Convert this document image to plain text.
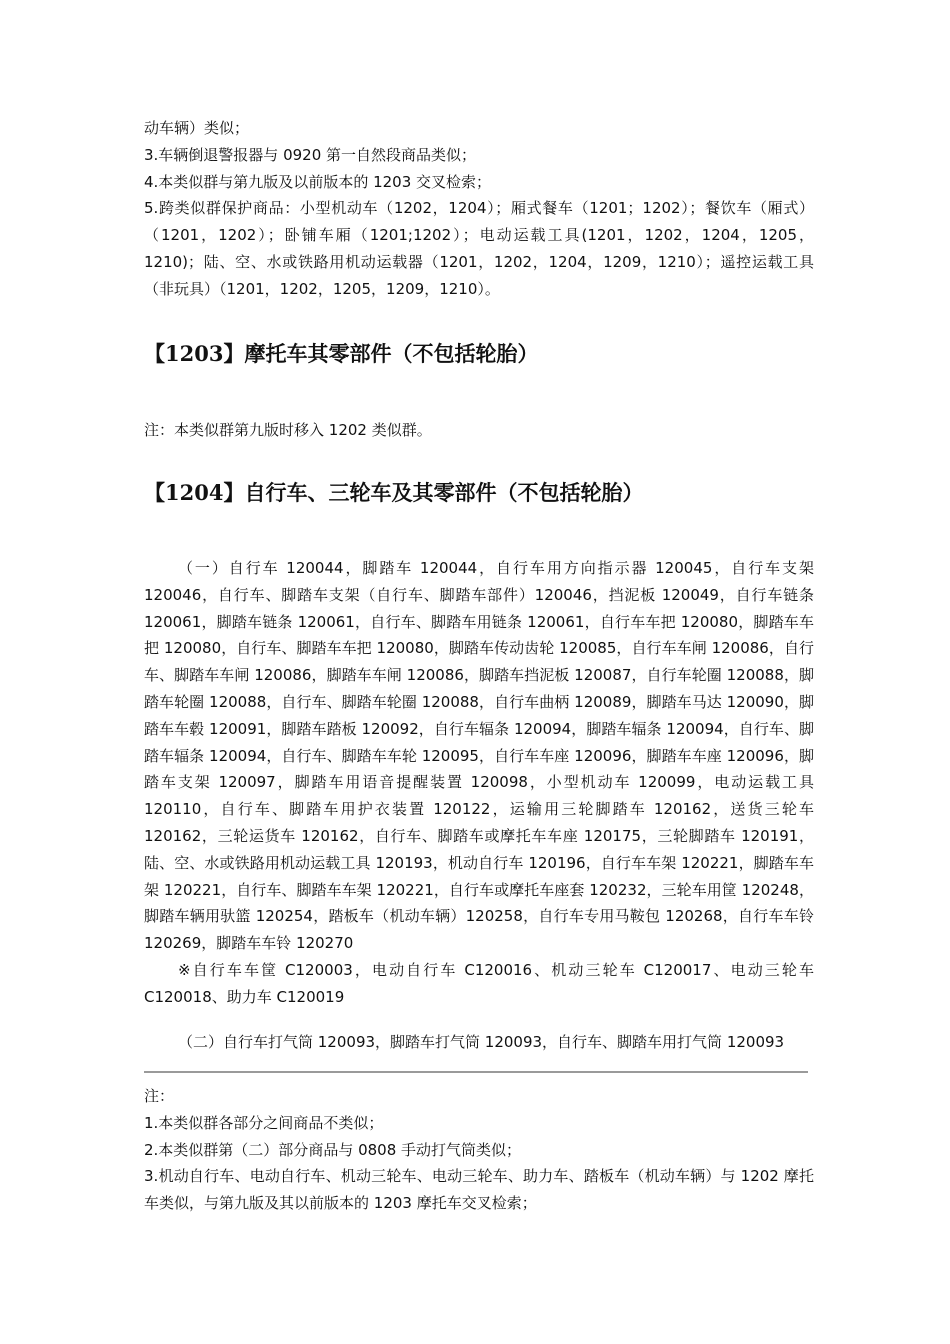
动车辆）类似；

3.车辆倒退警报器与 0920 第一自然段商品类似；

4.本类似群与第九版及以前版本的 1203 交叉检索；

5.跨类似群保护商品：小型机动车（1202，1204）；厢式餐车（1201；1202）；餐饮车（厢式）（1201，1202）；卧铺车厢（1201;1202）；电动运载工具(1201，1202，1204，1205，1210)；陆、空、水或铁路用机动运载器（1201，1202，1204，1209，1210）；遥控运载工具（非玩具）（1201，1202，1205，1209，1210）。

【1203】摩托车其零部件（不包括轮胎）

注：本类似群第九版时移入 1202 类似群。

【1204】自行车、三轮车及其零部件（不包括轮胎）

（一）自行车 120044，脚踏车 120044，自行车用方向指示器 120045，自行车支架 120046，自行车、脚踏车支架（自行车、脚踏车部件）120046，挡泥板 120049，自行车链条 120061，脚踏车链条 120061，自行车、脚踏车用链条 120061，自行车车把 120080，脚踏车车把 120080，自行车、脚踏车车把 120080，脚踏车传动齿轮 120085，自行车车闸 120086，自行车、脚踏车车闸 120086，脚踏车车闸 120086，脚踏车挡泥板 120087，自行车轮圈 120088，脚踏车轮圈 120088，自行车、脚踏车轮圈 120088，自行车曲柄 120089，脚踏车马达 120090，脚踏车车毂 120091，脚踏车踏板 120092，自行车辐条 120094，脚踏车辐条 120094，自行车、脚踏车辐条 120094，自行车、脚踏车车轮 120095，自行车车座 120096，脚踏车车座 120096，脚踏车支架 120097，脚踏车用语音提醒装置 120098，小型机动车 120099，电动运载工具 120110，自行车、脚踏车用护衣装置 120122，运输用三轮脚踏车 120162，送货三轮车 120162，三轮运货车 120162，自行车、脚踏车或摩托车车座 120175，三轮脚踏车 120191，陆、空、水或铁路用机动运载工具 120193，机动自行车 120196，自行车车架 120221，脚踏车车架 120221，自行车、脚踏车车架 120221，自行车或摩托车座套 120232，三轮车用筐 120248，脚踏车辆用驮篮 120254，踏板车（机动车辆）120258，自行车专用马鞍包 120268，自行车车铃 120269，脚踏车车铃 120270

※自行车车筐 C120003，电动自行车 C120016、机动三轮车 C120017、电动三轮车 C120018、助力车 C120019

（二）自行车打气筒 120093，脚踏车打气筒 120093，自行车、脚踏车用打气筒 120093

注：

1.本类似群各部分之间商品不类似；

2.本类似群第（二）部分商品与 0808 手动打气筒类似；

3.机动自行车、电动自行车、机动三轮车、电动三轮车、助力车、踏板车（机动车辆）与 1202 摩托车类似，与第九版及其以前版本的 1203 摩托车交叉检索；
